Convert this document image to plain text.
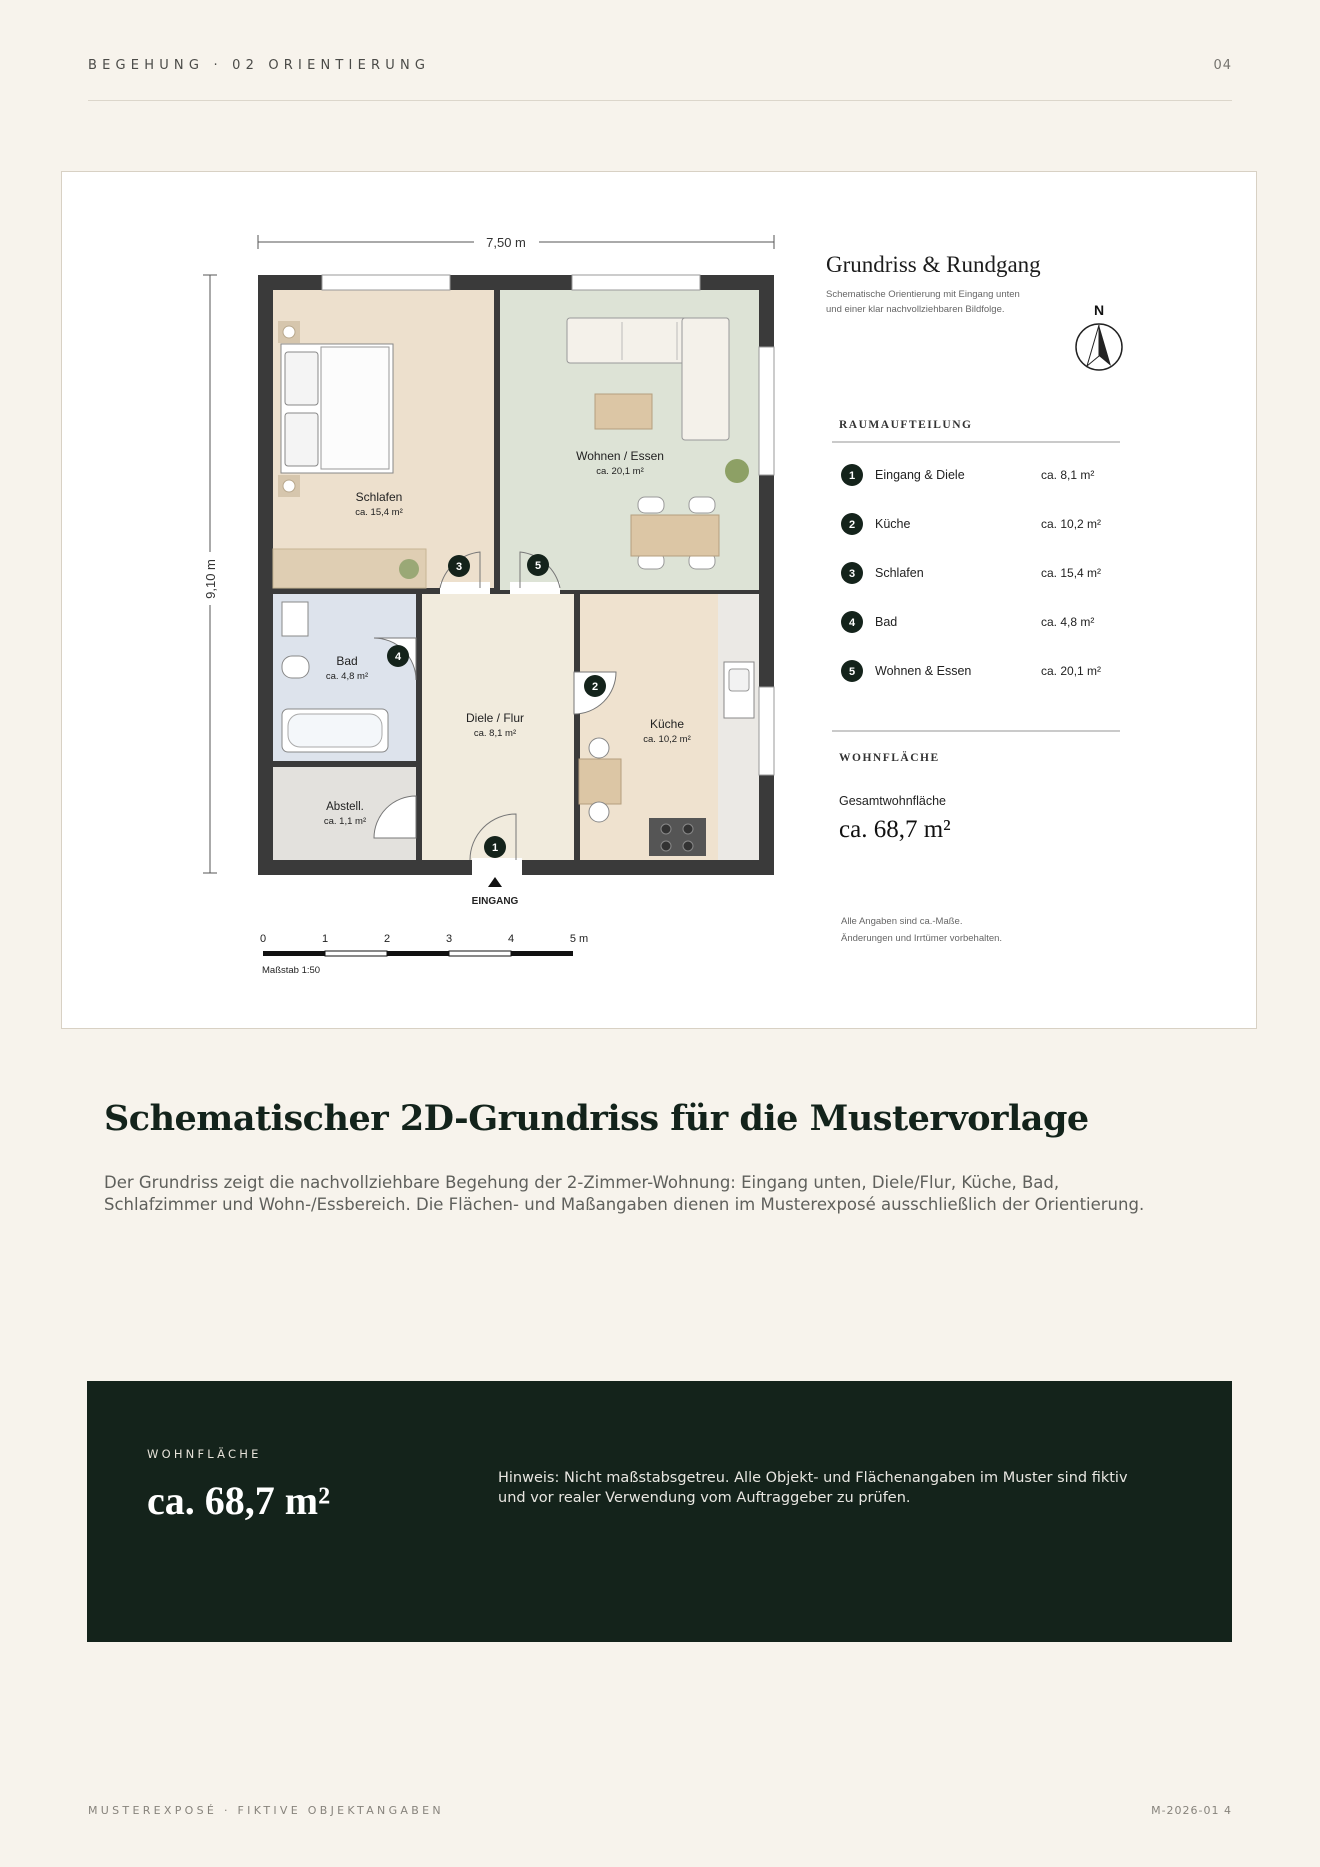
BEGEHUNG · 02 ORIENTIERUNG	04
7,50 m
9,10 m
Schlafen
ca. 15,4 m²
Wohnen / Essen
ca. 20,1 m²
Bad
ca. 4,8 m²
Diele / Flur
ca. 8,1 m²
Küche
ca. 10,2 m²
Abstell.
ca. 1,1 m²
EINGANG
1
2
3
4
5
0	1	2	3	4	5 m
Maßstab 1:50
Grundriss & Rundgang
Schematische Orientierung mit Eingang unten
und einer klar nachvollziehbaren Bildfolge.	N
RAUMAUFTEILUNG
1 Eingang & Diele	ca. 8,1 m²
2 Küche	ca. 10,2 m²
3 Schlafen	ca. 15,4 m²
4 Bad	ca. 4,8 m²
5 Wohnen & Essen	ca. 20,1 m²
WOHNFLÄCHE
Gesamtwohnfläche
ca. 68,7 m²
Alle Angaben sind ca.-Maße.
Änderungen und Irrtümer vorbehalten.
Schematischer 2D-Grundriss für die Mustervorlage
Der Grundriss zeigt die nachvollziehbare Begehung der 2-Zimmer-Wohnung: Eingang unten, Diele/Flur, Küche, Bad, Schlafzimmer und Wohn-/Essbereich. Die Flächen- und Maßangaben dienen im Musterexposé ausschließlich der Orientierung.
WOHNFLÄCHE
ca. 68,7 m²	Hinweis: Nicht maßstabsgetreu. Alle Objekt- und Flächenangaben im Muster sind fiktiv und vor realer Verwendung vom Auftraggeber zu prüfen.
MUSTEREXPOSÉ · FIKTIVE OBJEKTANGABEN	M-2026-01 4
